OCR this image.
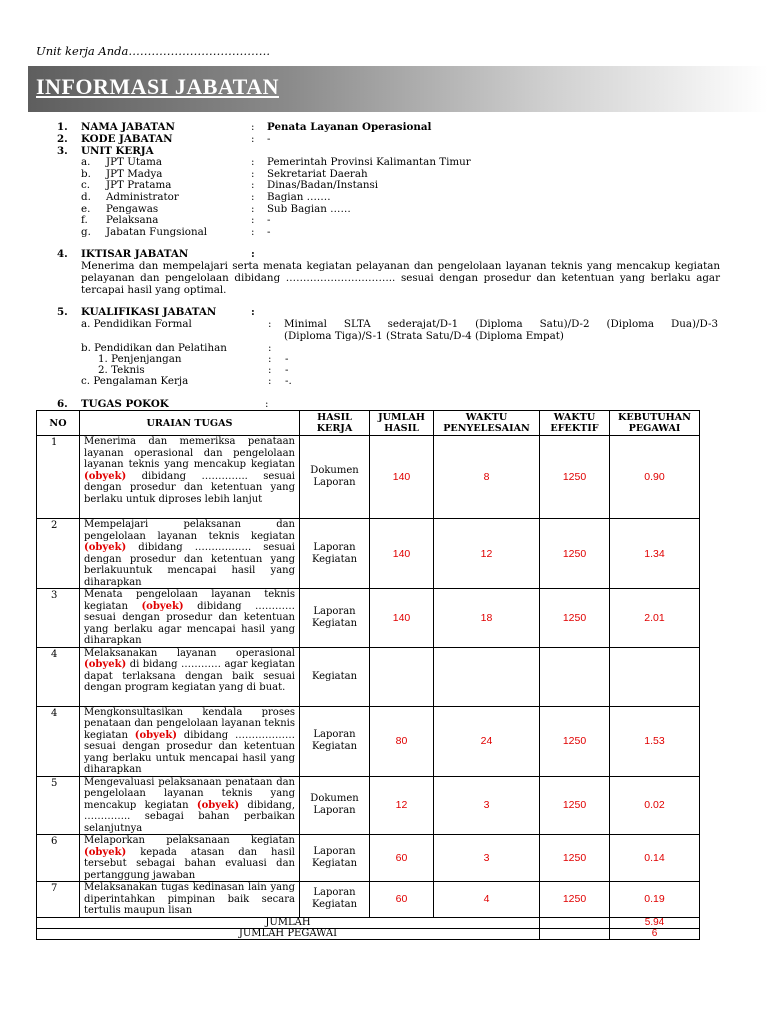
Unit kerja Anda……………………………….
INFORMASI JABATAN
1. NAMA JABATAN	: Penata Layanan Operasional
2. KODE JABATAN	: -
3. UNIT KERJA
a. JPT Utama	: Pemerintah Provinsi Kalimantan Timur
b. JPT Madya	: Sekretariat Daerah
c. JPT Pratama	: Dinas/Badan/Instansi
d. Administrator	: Bagian …….
e. Pengawas	: Sub Bagian ……
f. Pelaksana	: -
g. Jabatan Fungsional	: -
4. IKTISAR JABATAN	:
Menerima dan mempelajari serta menata kegiatan pelayanan dan pengelolaan layanan teknis yang mencakup kegiatan pelayanan dan pengelolaan dibidang ………………………….. sesuai dengan prosedur dan ketentuan yang berlaku agar tercapai hasil yang optimal.
5. KUALIFIKASI JABATAN	:
a. Pendidikan Formal	: Minimal SLTA sederajat/D-1 (Diploma Satu)/D-2 (Diploma Dua)/D-3
(Diploma Tiga)/S-1 (Strata Satu/D-4 (Diploma Empat)
b. Pendidikan dan Pelatihan	:
1. Penjenjangan	: -
2. Teknis	: -
c. Pengalaman Kerja	: -.
6. TUGAS POKOK	:
NO	URAIAN TUGAS	HASIL KERJA	JUMLAH HASIL	WAKTU PENYELESAIAN	WAKTU EFEKTIF	KEBUTUHAN PEGAWAI
1	Menerima dan memeriksa penataan layanan operasional dan pengelolaan layanan teknis yang mencakup kegiatan (obyek) dibidang ………….. sesuai dengan prosedur dan ketentuan yang berlaku untuk diproses lebih lanjut	Dokumen Laporan	140	8	1250	0.90
2	Mempelajari pelaksanan dan pengelolaan layanan teknis kegiatan (obyek) dibidang …………….. sesuai dengan prosedur dan ketentuan yang berlakuuntuk mencapai hasil yang diharapkan	Laporan Kegiatan	140	12	1250	1.34
3	Menata pengelolaan layanan teknis kegiatan (obyek) dibidang ………… sesuai dengan prosedur dan ketentuan yang berlaku agar mencapai hasil yang diharapkan	Laporan Kegiatan	140	18	1250	2.01
4	Melaksanakan layanan operasional (obyek) di bidang ………… agar kegiatan dapat terlaksana dengan baik sesuai dengan program kegiatan yang di buat.	Kegiatan				
4	Mengkonsultasikan kendala proses penataan dan pengelolaan layanan teknis kegiatan (obyek) dibidang ………………sesuai dengan prosedur dan ketentuan yang berlaku untuk mencapai hasil yang diharapkan	Laporan Kegiatan	80	24	1250	1.53
5	Mengevaluasi pelaksanaan penataan dan pengelolaan layanan teknis yang mencakup kegiatan (obyek) dibidang, ………….. sebagai bahan perbaikan selanjutnya	Dokumen Laporan	12	3	1250	0.02
6	Melaporkan pelaksanaan kegiatan (obyek) kepada atasan dan hasil tersebut sebagai bahan evaluasi dan pertanggung jawaban	Laporan Kegiatan	60	3	1250	0.14
7	Melaksanakan tugas kedinasan lain yang diperintahkan pimpinan baik secara tertulis maupun lisan	Laporan Kegiatan	60	4	1250	0.19
JUMLAH						5.94
JUMLAH PEGAWAI						6
